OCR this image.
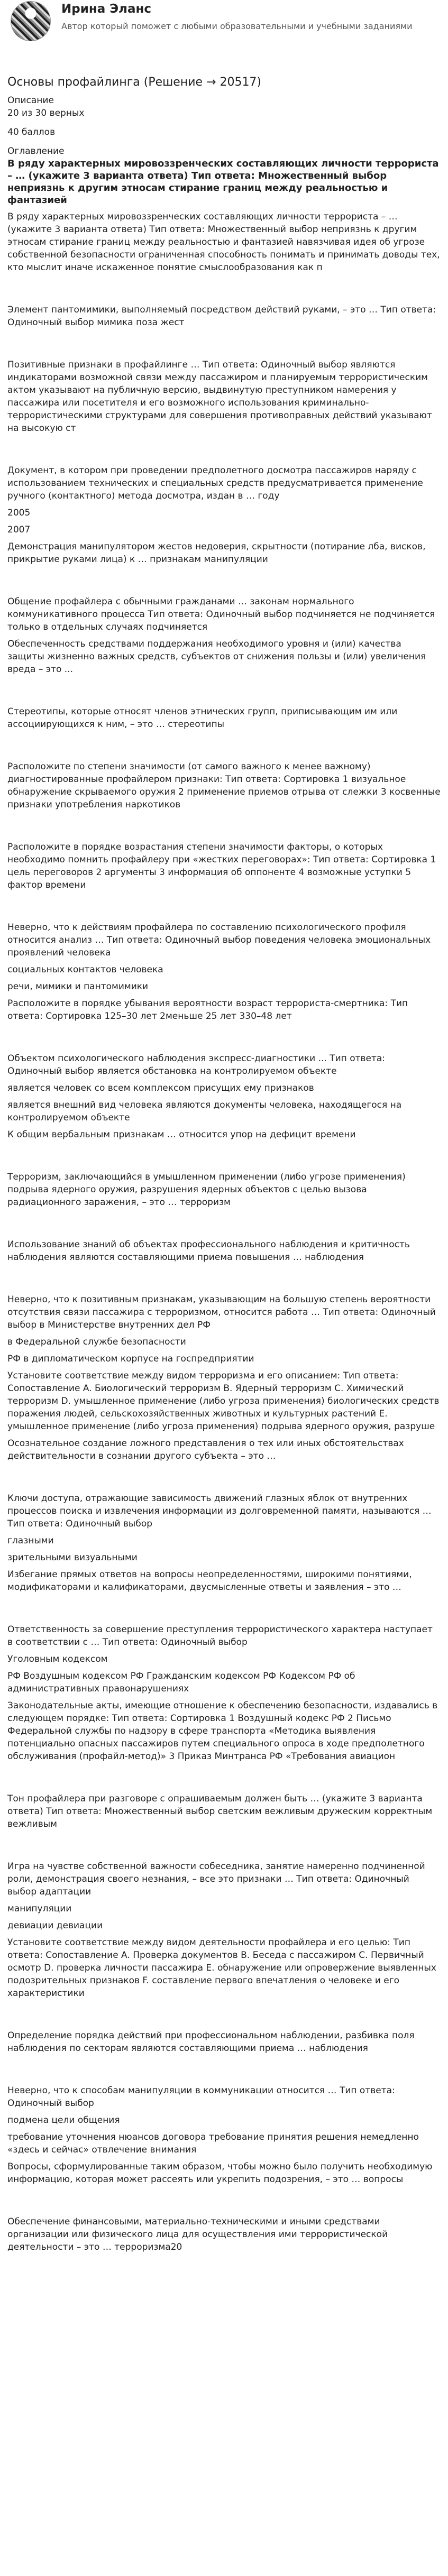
Ирина Эланс
Автор который поможет с любыми образовательными и учебными заданиями
Основы профайлинга (Решение → 20517)
Описание
20 из 30 верных
40 баллов
Оглавление
В ряду характерных мировоззренческих составляющих личности террориста – … (укажите 3 варианта ответа) Тип ответа: Множественный выбор неприязнь к другим этносам стирание границ между реальностью и фантазией
В ряду характерных мировоззренческих составляющих личности террориста – … (укажите 3 варианта ответа) Тип ответа: Множественный выбор неприязнь к другим этносам стирание границ между реальностью и фантазией навязчивая идея об угрозе собственной безопасности ограниченная способность понимать и принимать доводы тех, кто мыслит иначе искаженное понятие смыслообразования как п
Элемент пантомимики, выполняемый посредством действий руками, – это … Тип ответа: Одиночный выбор мимика поза жест
Позитивные признаки в профайлинге … Тип ответа: Одиночный выбор являются индикаторами возможной связи между пассажиром и планируемым террористическим актом указывают на публичную версию, выдвинутую преступником намерения у пассажира или посетителя и его возможного использования криминально-террористическими структурами для совершения противоправных действий указывают на высокую ст
Документ, в котором при проведении предполетного досмотра пассажиров наряду с использованием технических и специальных средств предусматривается применение ручного (контактного) метода досмотра, издан в … году
2005
2007
Демонстрация манипулятором жестов недоверия, скрытности (потирание лба, висков, прикрытие руками лица) к … признакам манипуляции
Общение профайлера с обычными гражданами … законам нормального коммуникативного процесса Тип ответа: Одиночный выбор подчиняется не подчиняется только в отдельных случаях подчиняется
Обеспеченность средствами поддержания необходимого уровня и (или) качества защиты жизненно важных средств, субъектов от снижения пользы и (или) увеличения вреда – это ...
Стереотипы, которые относят членов этнических групп, приписывающим им или ассоциирующихся к ним, – это … стереотипы
Расположите по степени значимости (от самого важного к менее важному) диагностированные профайлером признаки: Тип ответа: Сортировка 1 визуальное обнаружение скрываемого оружия 2 применение приемов отрыва от слежки 3 косвенные признаки употребления наркотиков
Расположите в порядке возрастания степени значимости факторы, о которых необходимо помнить профайлеру при «жестких переговорах»: Тип ответа: Сортировка 1 цель переговоров 2 аргументы 3 информация об оппоненте 4 возможные уступки 5 фактор времени
Неверно, что к действиям профайлера по составлению психологического профиля относится анализ … Тип ответа: Одиночный выбор поведения человека эмоциональных проявлений человека
социальных контактов человека
речи, мимики и пантомимики
Расположите в порядке убывания вероятности возраст террориста-смертника: Тип ответа: Сортировка 125–30 лет 2меньше 25 лет 330–48 лет
Объектом психологического наблюдения экспресс-диагностики ... Тип ответа: Одиночный выбор является обстановка на контролируемом объекте
является человек со всем комплексом присущих ему признаков
является внешний вид человека являются документы человека, находящегося на контролируемом объекте
К общим вербальным признакам … относится упор на дефицит времени
Терроризм, заключающийся в умышленном применении (либо угрозе применения) подрыва ядерного оружия, разрушения ядерных объектов с целью вызова радиационного заражения, – это … терроризм
Использование знаний об объектах профессионального наблюдения и критичность наблюдения являются составляющими приема повышения … наблюдения
Неверно, что к позитивным признакам, указывающим на большую степень вероятности отсутствия связи пассажира с терроризмом, относится работа … Тип ответа: Одиночный выбор в Министерстве внутренних дел РФ
в Федеральной службе безопасности
РФ в дипломатическом корпусе на госпредприятии
Установите соответствие между видом терроризма и его описанием: Тип ответа: Сопоставление A. Биологический терроризм B. Ядерный терроризм C. Химический терроризм D. умышленное применение (либо угроза применения) биологических средств поражения людей, сельскохозяйственных животных и культурных растений E. умышленное применение (либо угроза применения) подрыва ядерного оружия, разруше
Осознательное создание ложного представления о тех или иных обстоятельствах действительности в сознании другого субъекта – это …
Ключи доступа, отражающие зависимость движений глазных яблок от внутренних процессов поиска и извлечения информации из долговременной памяти, называются … Тип ответа: Одиночный выбор
глазными
зрительными визуальными
Избегание прямых ответов на вопросы неопределенностями, широкими понятиями, модификаторами и калификаторами, двусмысленные ответы и заявления – это …
Ответственность за совершение преступления террористического характера наступает в соответствии с … Тип ответа: Одиночный выбор
Уголовным кодексом
РФ Воздушным кодексом РФ Гражданским кодексом РФ Кодексом РФ об административных правонарушениях
Законодательные акты, имеющие отношение к обеспечению безопасности, издавались в следующем порядке: Тип ответа: Сортировка 1 Воздушный кодекс РФ 2 Письмо Федеральной службы по надзору в сфере транспорта «Методика выявления потенциально опасных пассажиров путем специального опроса в ходе предполетного обслуживания (профайл-метод)» 3 Приказ Минтранса РФ «Требования авиацион
Тон профайлера при разговоре с опрашиваемым должен быть … (укажите 3 варианта ответа) Тип ответа: Множественный выбор светским вежливым дружеским корректным вежливым
Игра на чувстве собственной важности собеседника, занятие намеренно подчиненной роли, демонстрация своего незнания, – все это признаки … Тип ответа: Одиночный выбор адаптации
манипуляции
девиации девиации
Установите соответствие между видом деятельности профайлера и его целью: Тип ответа: Сопоставление A. Проверка документов B. Беседа с пассажиром C. Первичный осмотр D. проверка личности пассажира E. обнаружение или опровержение выявленных подозрительных признаков F. составление первого впечатления о человеке и его характеристики
Определение порядка действий при профессиональном наблюдении, разбивка поля наблюдения по секторам являются составляющими приема … наблюдения
Неверно, что к способам манипуляции в коммуникации относится … Тип ответа: Одиночный выбор
подмена цели общения
требование уточнения нюансов договора требование принятия решения немедленно «здесь и сейчас» отвлечение внимания
Вопросы, сформулированные таким образом, чтобы можно было получить необходимую информацию, которая может рассеять или укрепить подозрения, – это … вопросы
Обеспечение финансовыми, материально-техническими и иными средствами организации или физического лица для осуществления ими террористической деятельности – это … терроризма20
